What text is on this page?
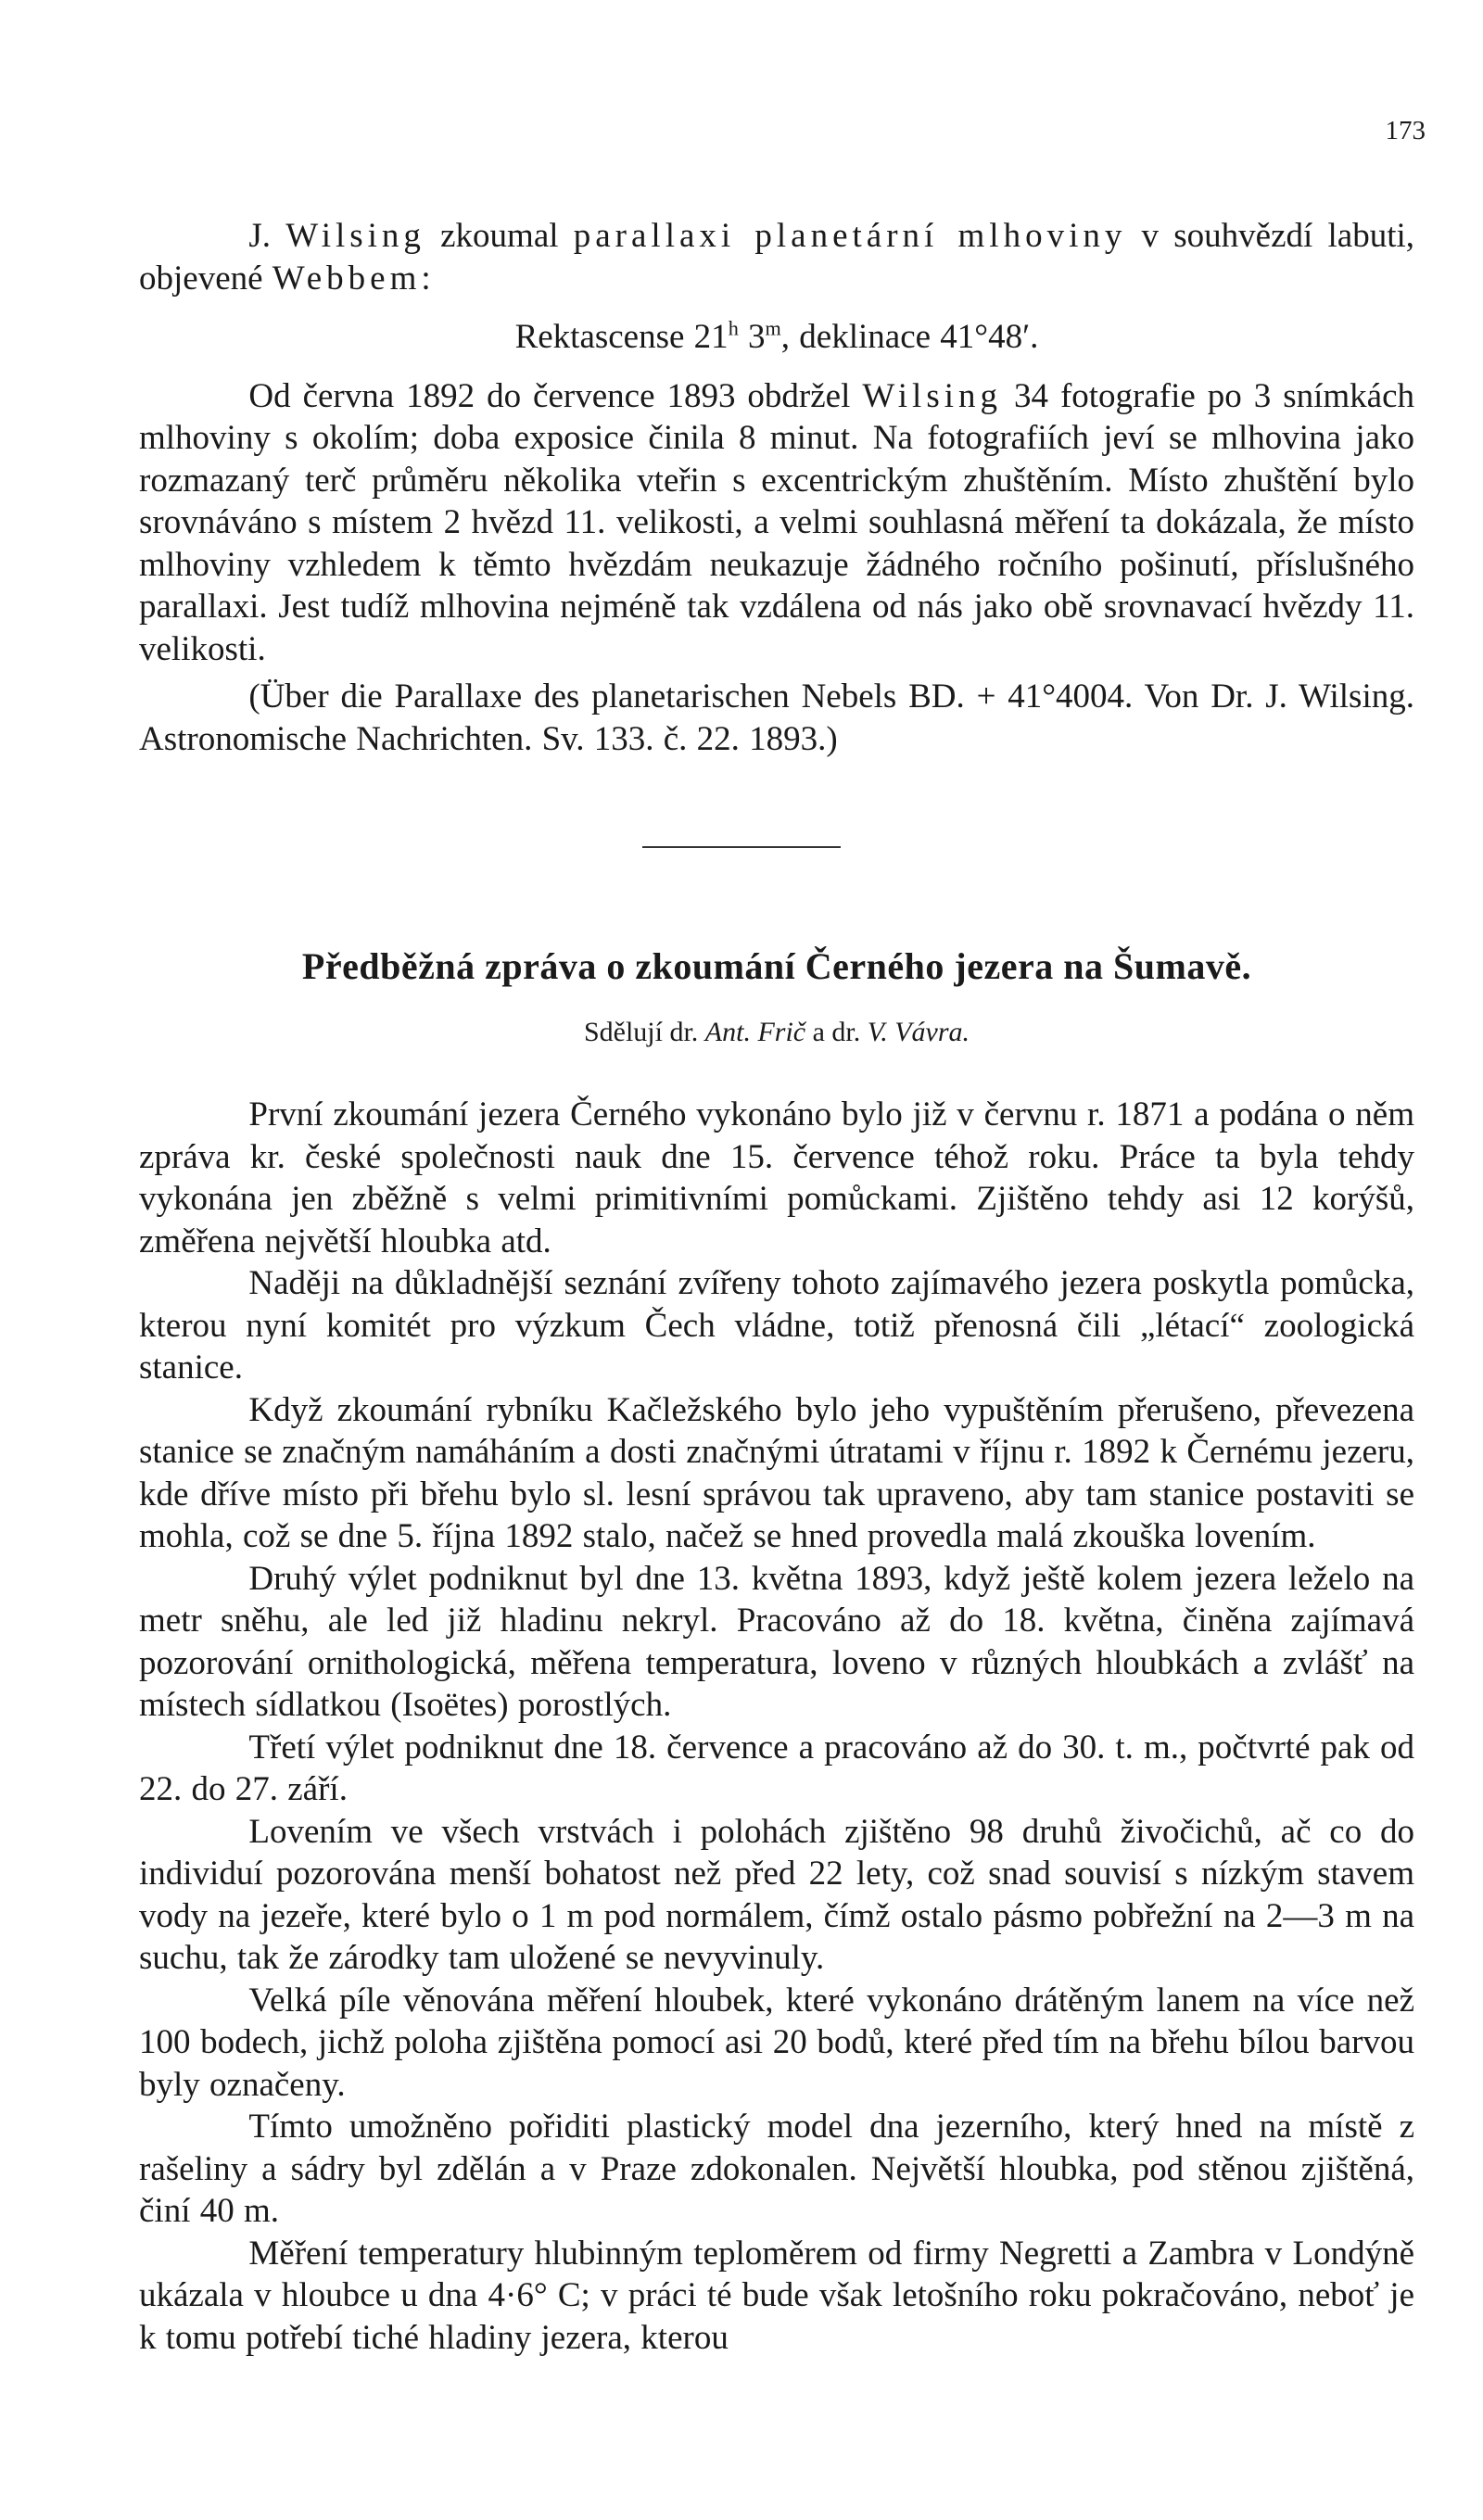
173

J. Wilsing zkoumal parallaxi planetární mlhoviny v souhvězdí labuti, objevené Webbem:

Rektascense 21$^h$ 3$^m$, deklinace 41°48′.

Od června 1892 do července 1893 obdržel Wilsing 34 fotografie po 3 snímkách mlhoviny s okolím; doba exposice činila 8 minut. Na fotografiích jeví se mlhovina jako rozmazaný terč průměru několika vteřin s excentrickým zhuštěním. Místo zhuštění bylo srovnáváno s místem 2 hvězd 11. velikosti, a velmi souhlasná měření ta dokázala, že místo mlhoviny vzhledem k těmto hvězdám neukazuje žádného ročního pošinutí, příslušného parallaxi. Jest tudíž mlhovina nejméně tak vzdálena od nás jako obě srovnavací hvězdy 11. velikosti.

(Über die Parallaxe des planetarischen Nebels BD. + 41°4004. Von Dr. J. Wilsing. Astronomische Nachrichten. Sv. 133. č. 22. 1893.)

Předběžná zpráva o zkoumání Černého jezera na Šumavě.
Sdělují dr. Ant. Frič a dr. V. Vávra.

První zkoumání jezera Černého vykonáno bylo již v červnu r. 1871 a podána o něm zpráva kr. české společnosti nauk dne 15. července téhož roku. Práce ta byla tehdy vykonána jen zběžně s velmi primitivními pomůckami. Zjištěno tehdy asi 12 korýšů, změřena největší hloubka atd.

Naději na důkladnější seznání zvířeny tohoto zajímavého jezera poskytla pomůcka, kterou nyní komitét pro výzkum Čech vládne, totiž přenosná čili „létací“ zoologická stanice.

Když zkoumání rybníku Kačležského bylo jeho vypuštěním přerušeno, převezena stanice se značným namáháním a dosti značnými útratami v říjnu r. 1892 k Černému jezeru, kde dříve místo při břehu bylo sl. lesní správou tak upraveno, aby tam stanice postaviti se mohla, což se dne 5. října 1892 stalo, načež se hned provedla malá zkouška lovením.

Druhý výlet podniknut byl dne 13. května 1893, když ještě kolem jezera leželo na metr sněhu, ale led již hladinu nekryl. Pracováno až do 18. května, činěna zajímavá pozorování ornithologická, měřena temperatura, loveno v různých hloubkách a zvlášť na místech sídlatkou (Isoëtes) porostlých.

Třetí výlet podniknut dne 18. července a pracováno až do 30. t. m., počtvrté pak od 22. do 27. září.

Lovením ve všech vrstvách i polohách zjištěno 98 druhů živočichů, ač co do individuí pozorována menší bohatost než před 22 lety, což snad souvisí s nízkým stavem vody na jezeře, které bylo o 1 m pod normálem, čímž ostalo pásmo pobřežní na 2—3 m na suchu, tak že zárodky tam uložené se nevyvinuly.

Velká píle věnována měření hloubek, které vykonáno drátěným lanem na více než 100 bodech, jichž poloha zjištěna pomocí asi 20 bodů, které před tím na břehu bílou barvou byly označeny.

Tímto umožněno pořiditi plastický model dna jezerního, který hned na místě z rašeliny a sádry byl zdělán a v Praze zdokonalen. Největší hloubka, pod stěnou zjištěná, činí 40 m.

Měření temperatury hlubinným teploměrem od firmy Negretti a Zambra v Londýně ukázala v hloubce u dna 4·6° C; v práci té bude však letošního roku pokračováno, neboť je k tomu potřebí tiché hladiny jezera, kterou
